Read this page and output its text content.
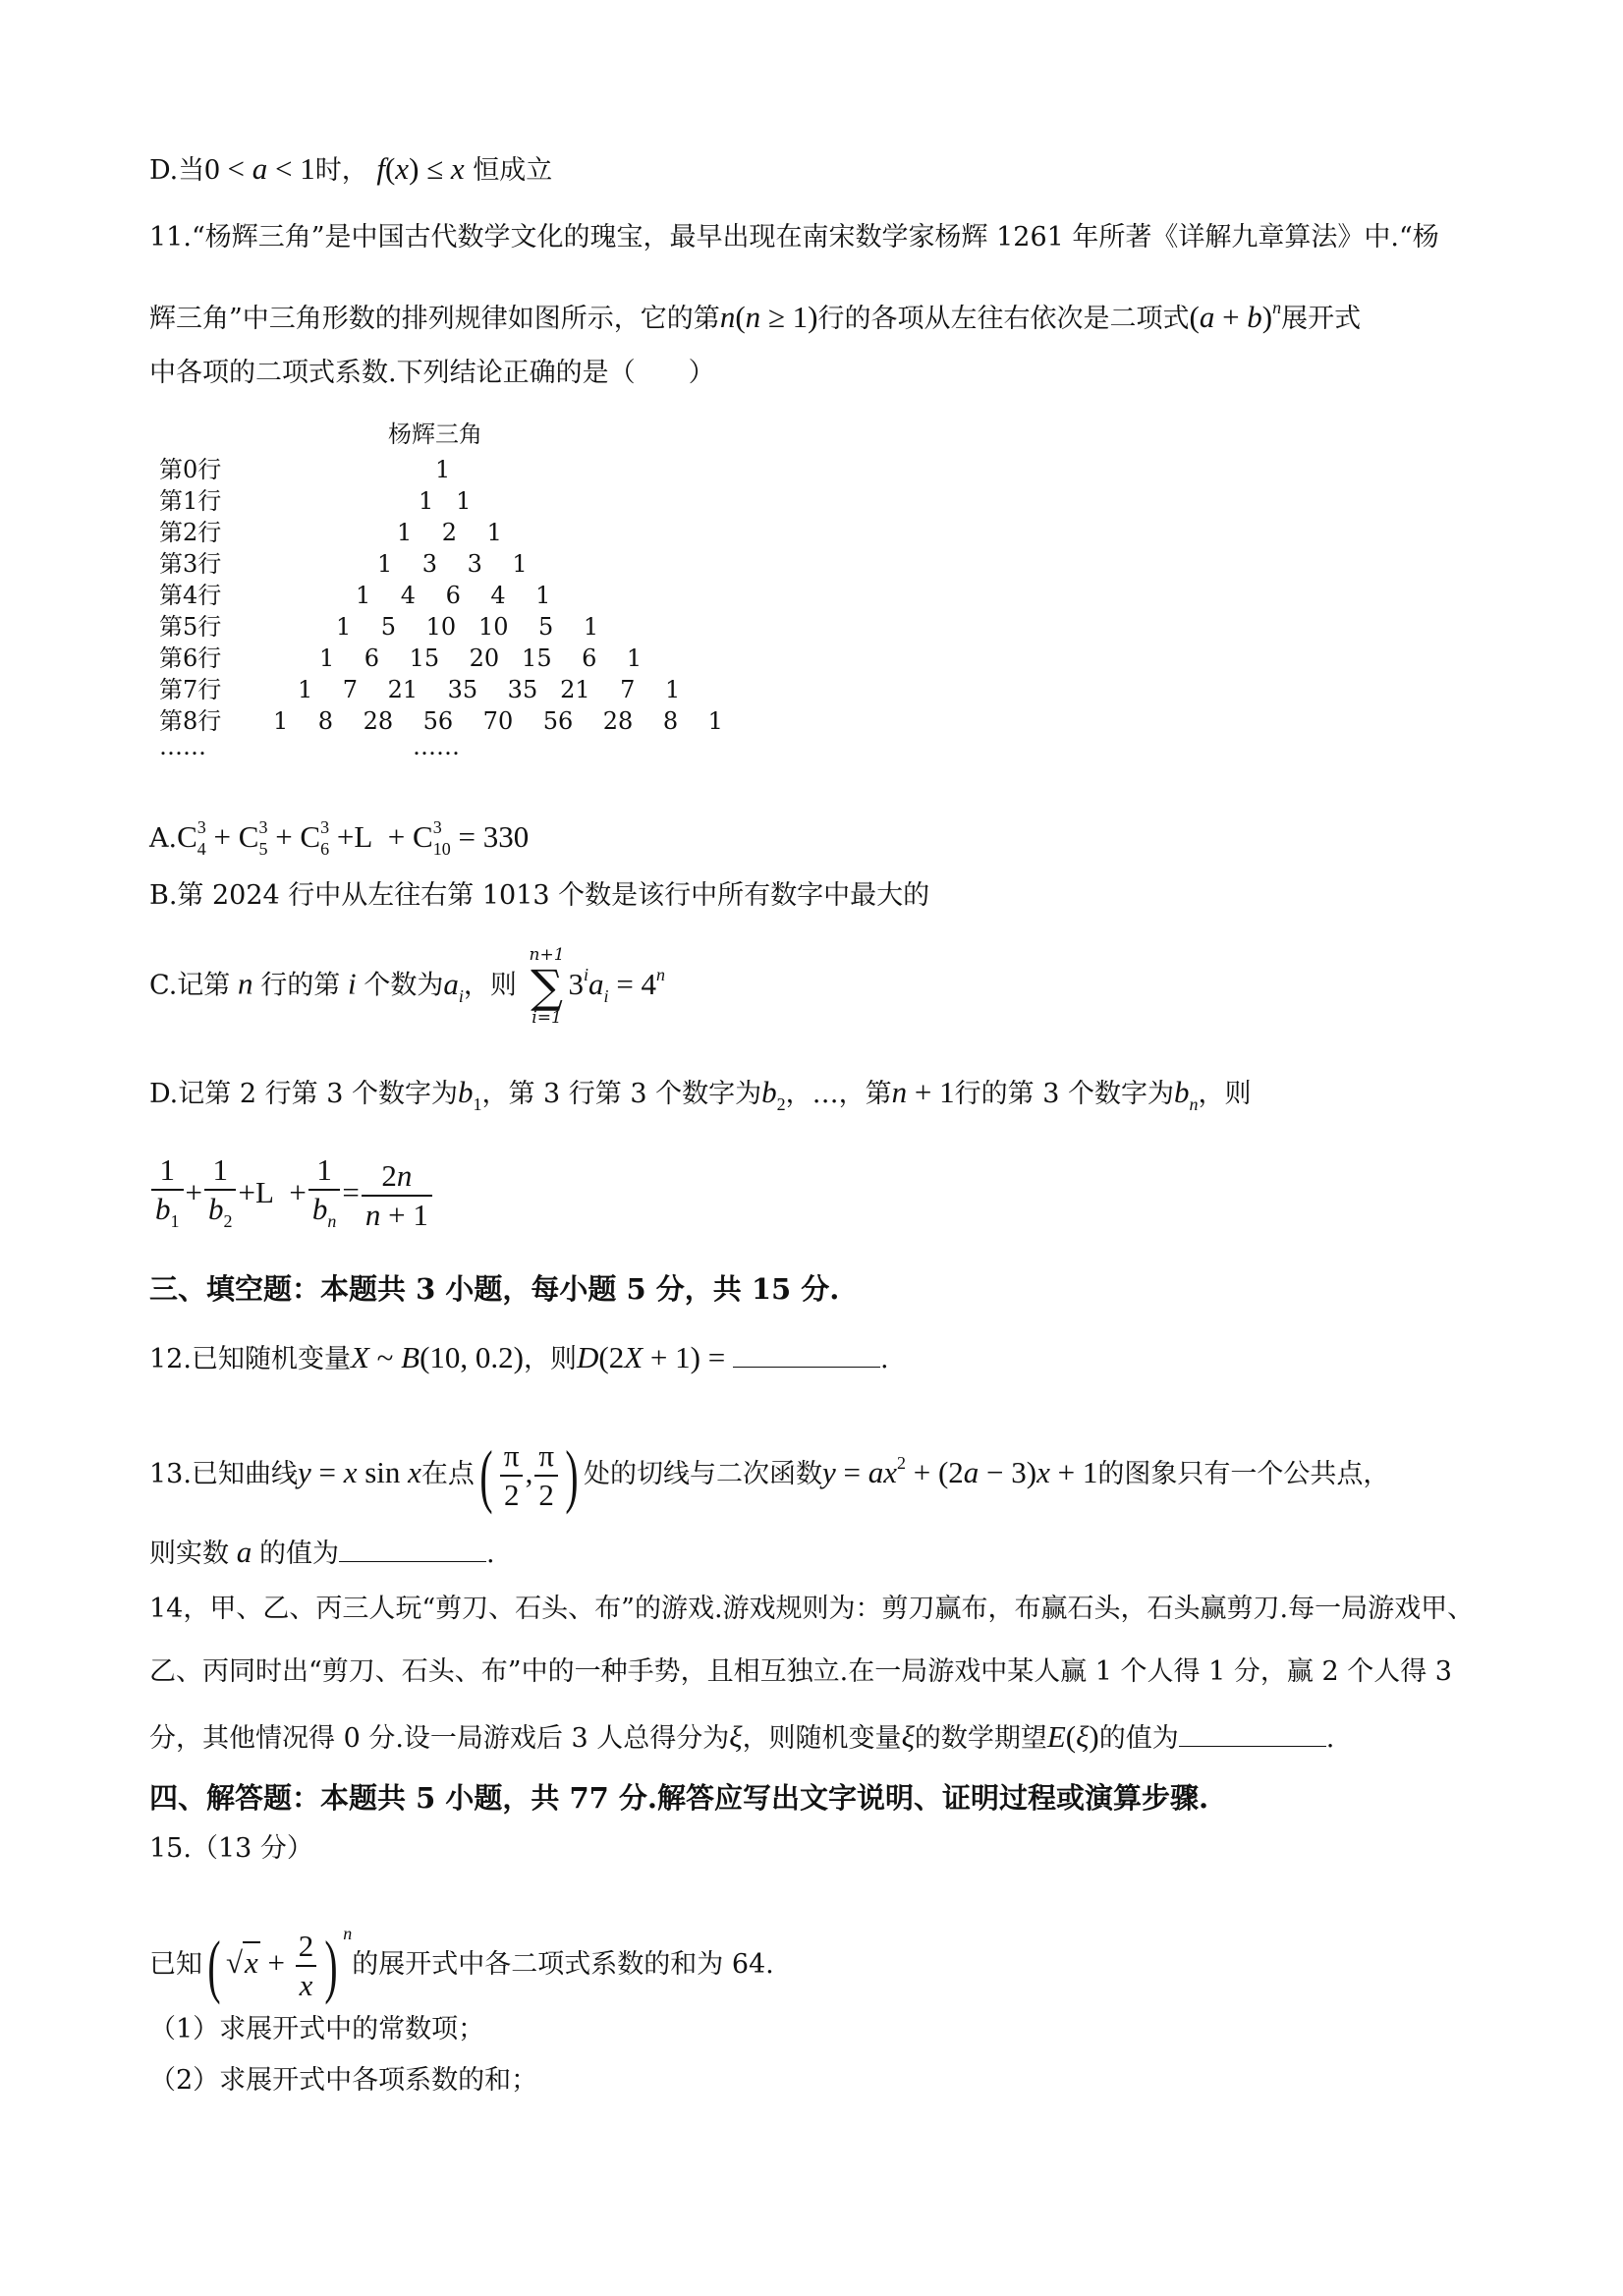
D.当0 < a < 1时， f(x) ≤ x 恒成立
11.“杨辉三角”是中国古代数学文化的瑰宝，最早出现在南宋数学家杨辉 1261 年所著《详解九章算法》中.“杨
辉三角”中三角形数的排列规律如图所示，它的第n(n ≥ 1)行的各项从左往右依次是二项式$(a + b)^n$展开式
中各项的二项式系数.下列结论正确的是（　　）
杨辉三角
第0行	1
第1行	1   1
第2行	1    2    1
第3行	1    3    3    1
第4行	1    4    6    4    1
第5行	1    5    10   10    5    1
第6行	1    6    15    20   15    6    1
第7行	1    7    21    35    35   21    7    1
第8行 1    8    28    56    70    56    28    8    1
……	……
$A.C^3_4 + C^3_5 + C^3_6 +L + C^3_{10} = 330$
B.第 2024 行中从左往右第 1013 个数是该行中所有数字中最大的
C.记第 n 行的第 i 个数为$a_i$，则
n+1
∑
i=1
$3^ia_i = 4^n$
D.记第 2 行第 3 个数字为$b_1$，第 3 行第 3 个数字为$b_2$，…，第n + 1行的第 3 个数字为$b_n$，则
$\frac{1}{b_1} + \frac{1}{b_2} +L + \frac{1}{b_n} = \frac{2n}{n + 1}$
三、填空题：本题共 3 小题，每小题 5 分，共 15 分.
12.已知随机变量X ~ B(10, 0.2)，则D(2X + 1) =	.
13.已知曲线y = x sin x在点( $\frac{\pi}{2}$ , $\frac{\pi}{2}$ ) 处的切线与二次函数$y = ax^2 + (2a - 3)x + 1$的图象只有一个公共点，
则实数 a 的值为	.
14，甲、乙、丙三人玩“剪刀、石头、布”的游戏.游戏规则为：剪刀赢布，布赢石头，石头赢剪刀.每一局游戏甲、
乙、丙同时出“剪刀、石头、布”中的一种手势，且相互独立.在一局游戏中某人赢 1 个人得 1 分，赢 2 个人得 3
分，其他情况得 0 分.设一局游戏后 3 人总得分为ξ，则随机变量ξ的数学期望E(ξ)的值为	.
四、解答题：本题共 5 小题，共 77 分.解答应写出文字说明、证明过程或演算步骤.
15.（13 分）
已知( $√x + \frac{2}{x}$ ) $^n$的展开式中各二项式系数的和为 64.
（1）求展开式中的常数项；
（2）求展开式中各项系数的和；
